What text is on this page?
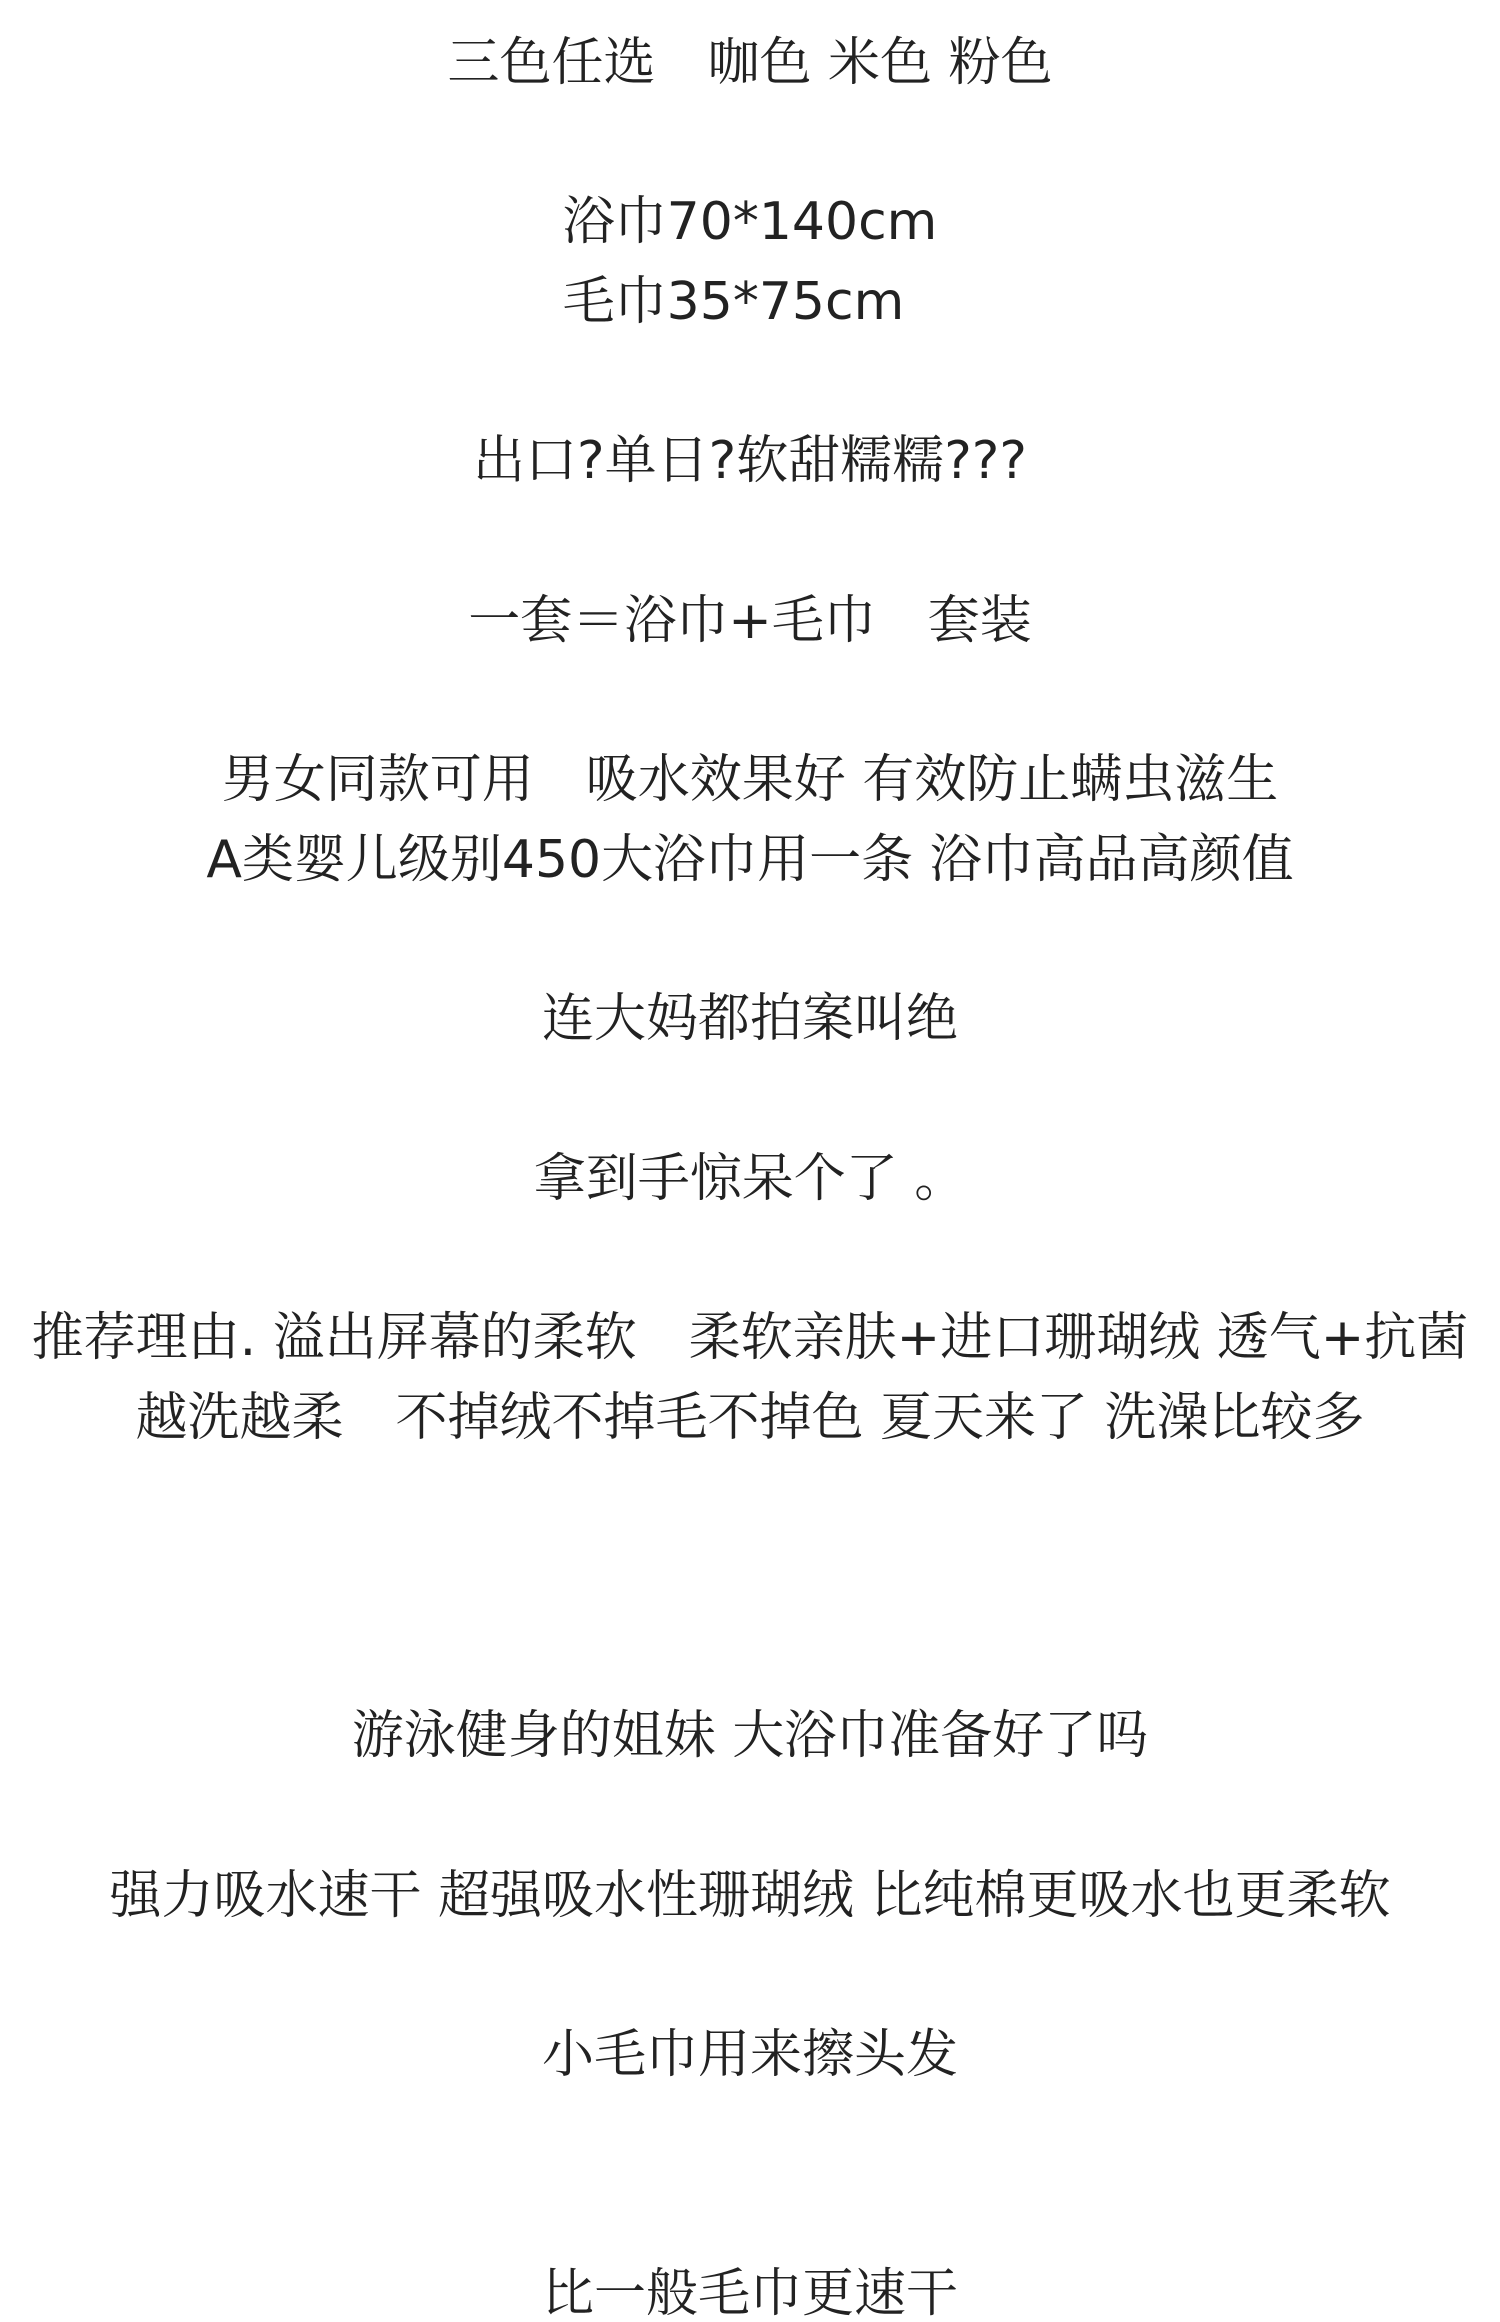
三色任选　咖色 米色 粉色
浴巾70*140cm
毛巾35*75cm
出口?单日?软甜糯糯???
一套＝浴巾+毛巾　套装
男女同款可用　吸水效果好 有效防止螨虫滋生
A类婴儿级别450大浴巾用一条 浴巾高品高颜值
连大妈都拍案叫绝
拿到手惊呆个了 。
推荐理由. 溢出屏幕的柔软　柔软亲肤+进口珊瑚绒 透气+抗菌
越洗越柔　不掉绒不掉毛不掉色 夏天来了 洗澡比较多
游泳健身的姐妹 大浴巾准备好了吗
强力吸水速干 超强吸水性珊瑚绒 比纯棉更吸水也更柔软
小毛巾用来擦头发
比一般毛巾更速干
